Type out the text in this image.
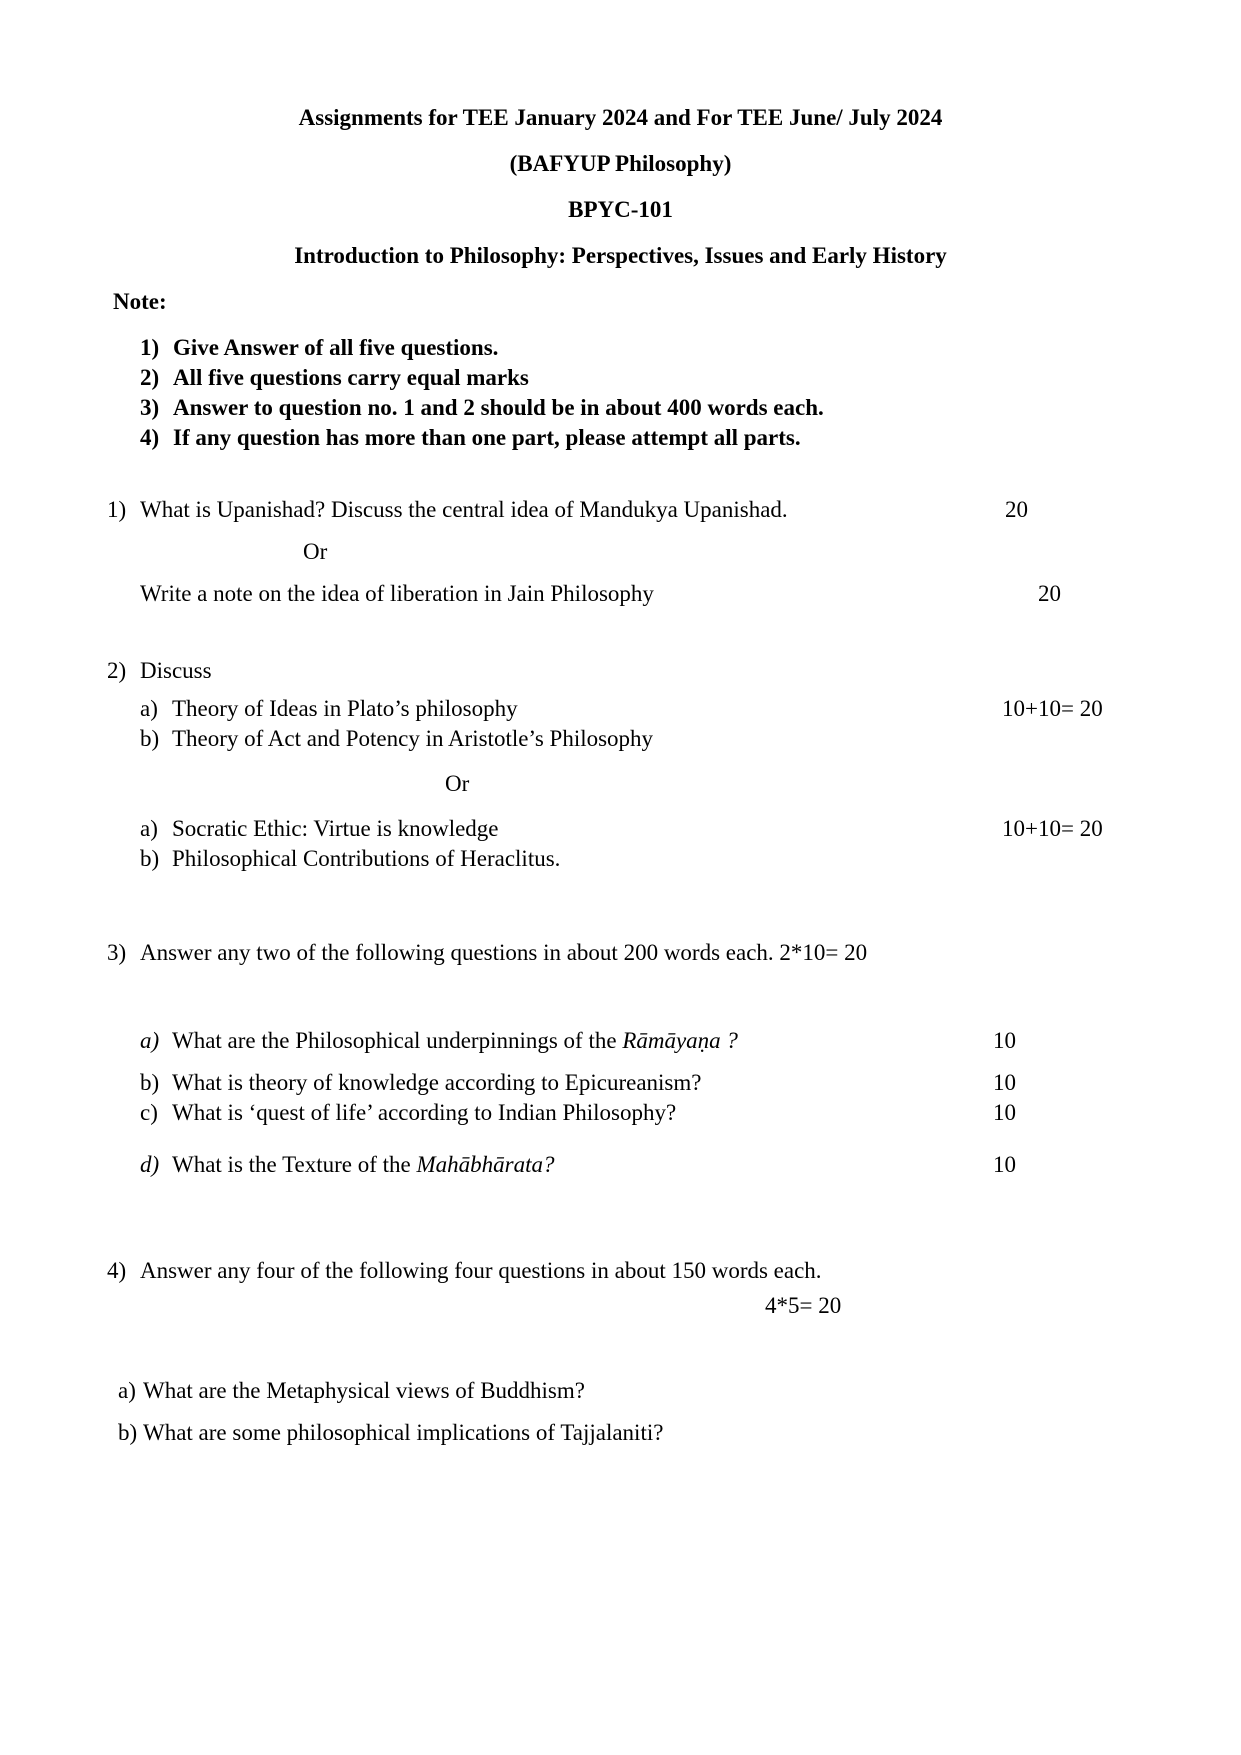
Assignments for TEE January 2024 and For TEE June/ July 2024
(BAFYUP Philosophy)
BPYC-101
Introduction to Philosophy: Perspectives, Issues and Early History
Note:
1) Give Answer of all five questions.
2) All five questions carry equal marks
3) Answer to question no. 1 and 2 should be in about 400 words each.
4) If any question has more than one part, please attempt all parts.
1) What is Upanishad? Discuss the central idea of Mandukya Upanishad.	20
Or
Write a note on the idea of liberation in Jain Philosophy	20
2) Discuss
a) Theory of Ideas in Plato’s philosophy	10+10= 20
b) Theory of Act and Potency in Aristotle’s Philosophy
Or
a) Socratic Ethic: Virtue is knowledge	10+10= 20
b) Philosophical Contributions of Heraclitus.
3) Answer any two of the following questions in about 200 words each. 2*10= 20
a) What are the Philosophical underpinnings of the Rāmāyaṇa ?	10
b) What is theory of knowledge according to Epicureanism?	10
c) What is ‘quest of life’ according to Indian Philosophy?	10
d) What is the Texture of the Mahābhārata?	10
4) Answer any four of the following four questions in about 150 words each.
4*5= 20
a) What are the Metaphysical views of Buddhism?
b) What are some philosophical implications of Tajjalaniti?
